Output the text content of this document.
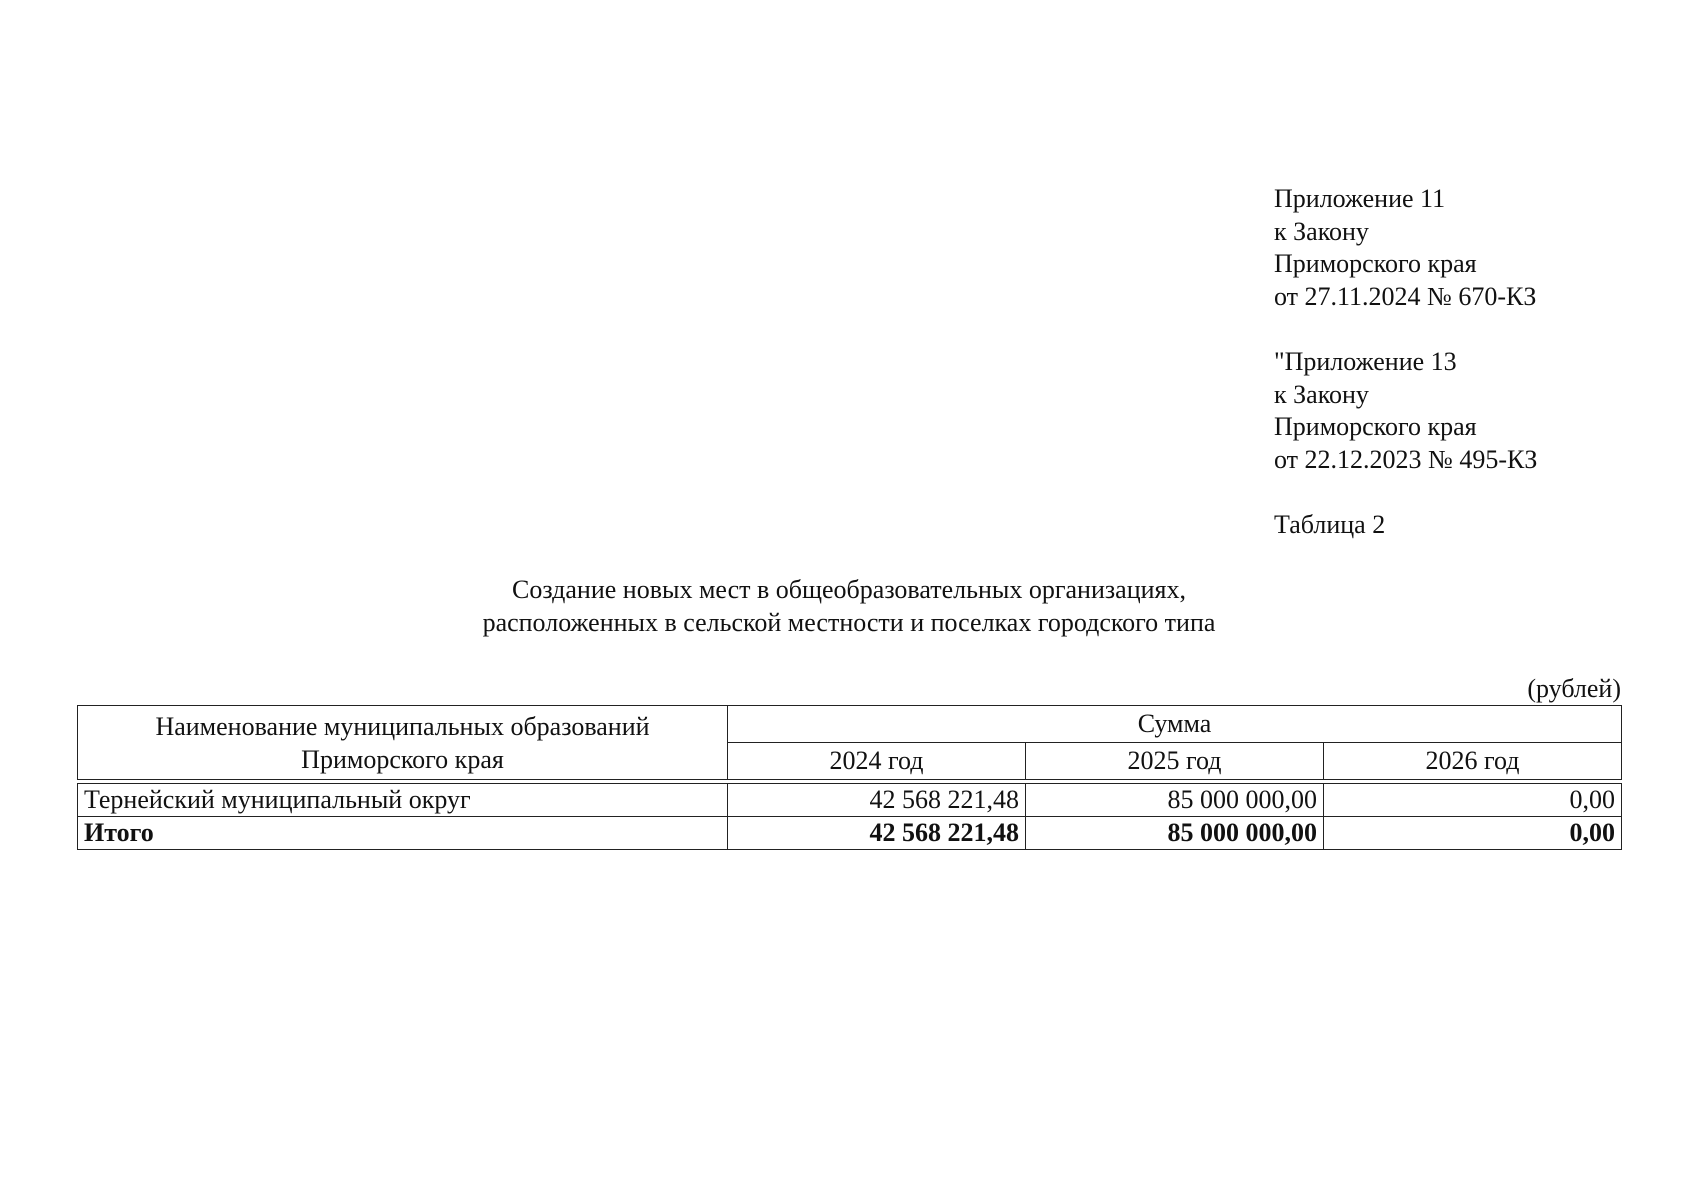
Приложение 11
к Закону
Приморского края
от 27.11.2024 № 670-КЗ
"Приложение 13
к Закону
Приморского края
от 22.12.2023 № 495-КЗ
Таблица 2
Создание новых мест в общеобразовательных организациях,
расположенных в сельской местности и поселках городского типа
(рублей)
Наименование муниципальных образований
Приморского края	Сумма		
	2024 год	2025 год	2026 год

Тернейский муниципальный округ	42 568 221,48	85 000 000,00	0,00
Итого	42 568 221,48	85 000 000,00	0,00
